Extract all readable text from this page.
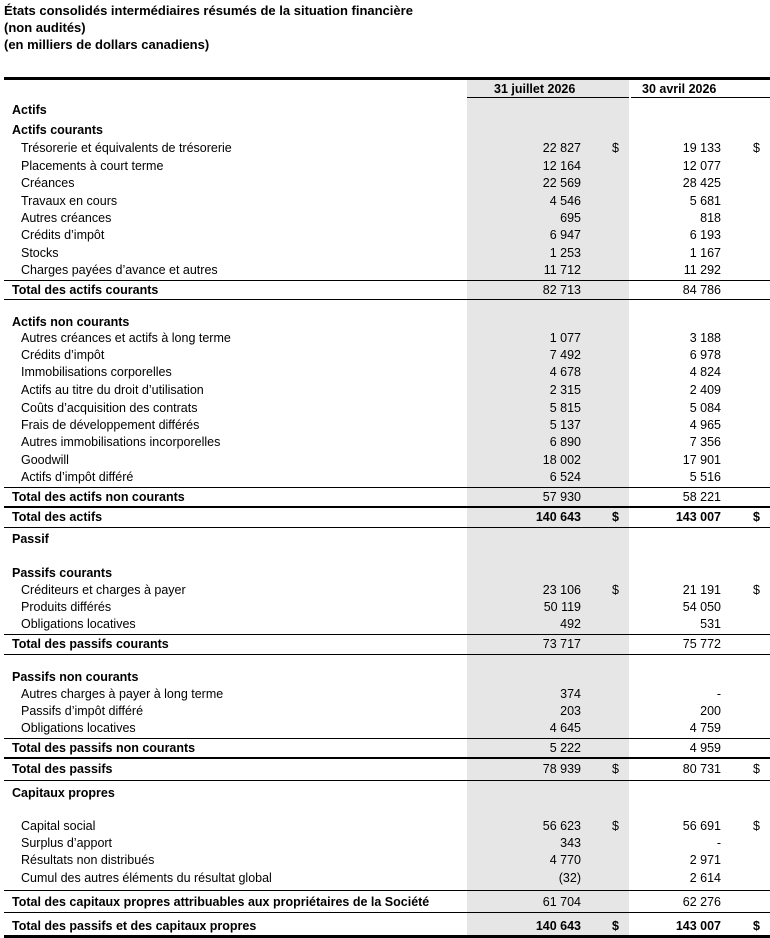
États consolidés intermédiaires résumés de la situation financière
(non audités)
(en milliers de dollars canadiens)
31 juillet 2026	30 avril 2026
Actifs
Actifs courants
Trésorerie et équivalents de trésorerie	22 827 $	19 133	$
Placements à court terme	12 164	12 077
Créances	22 569	28 425
Travaux en cours	4 546	5 681
Autres créances	695	818
Crédits d’impôt	6 947	6 193
Stocks	1 253	1 167
Charges payées d’avance et autres	11 712	11 292
Total des actifs courants	82 713	84 786
Actifs non courants
Autres créances et actifs à long terme	1 077	3 188
Crédits d’impôt	7 492	6 978
Immobilisations corporelles	4 678	4 824
Actifs au titre du droit d’utilisation	2 315	2 409
Coûts d’acquisition des contrats	5 815	5 084
Frais de développement différés	5 137	4 965
Autres immobilisations incorporelles	6 890	7 356
Goodwill	18 002	17 901
Actifs d’impôt différé	6 524	5 516
Total des actifs non courants	57 930	58 221
Total des actifs	140 643 $	143 007	$
Passif
Passifs courants
Créditeurs et charges à payer	23 106 $	21 191	$
Produits différés	50 119	54 050
Obligations locatives	492	531
Total des passifs courants	73 717	75 772
Passifs non courants
Autres charges à payer à long terme	374	-
Passifs d’impôt différé	203	200
Obligations locatives	4 645	4 759
Total des passifs non courants	5 222	4 959
Total des passifs	78 939 $	80 731	$
Capitaux propres
Capital social	56 623 $	56 691	$
Surplus d’apport	343	-
Résultats non distribués	4 770	2 971
Cumul des autres éléments du résultat global	(32)	2 614
Total des capitaux propres attribuables aux propriétaires de la Société	61 704	62 276
Total des passifs et des capitaux propres	140 643 $	143 007	$
